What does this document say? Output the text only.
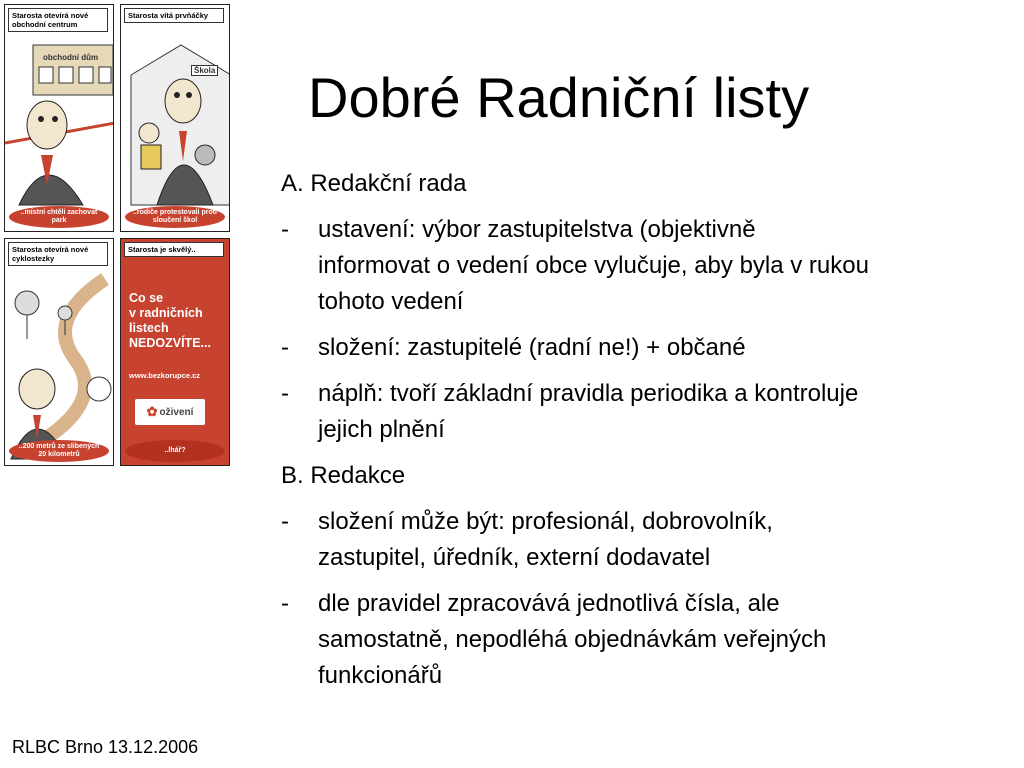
Starosta otevírá nové obchodní centrum
obchodní dům
..místní chtěli zachovat park
Starosta vítá prvňáčky
Škola
..rodiče protestovali proti sloučení škol
Starosta otevírá nové cyklostezky
..200 metrů ze slibených 20 kilometrů
Starosta je skvělý..
Co se
v radničních
listech
NEDOZVÍTE...
www.bezkorupce.cz
✿ oživení
..lhář?
Dobré Radniční listy
A. Redakční rada
-	ustavení: výbor zastupitelstva (objektivně
informovat o vedení obce vylučuje, aby byla v rukou
tohoto vedení
-	složení: zastupitelé (radní ne!) + občané
-	náplň: tvoří základní pravidla periodika a kontroluje
jejich plnění
B. Redakce
-	složení může být: profesionál, dobrovolník,
zastupitel, úředník, externí dodavatel
-	dle pravidel zpracovává jednotlivá čísla, ale
samostatně, nepodléhá objednávkám veřejných
funkcionářů
RLBC Brno 13.12.2006
